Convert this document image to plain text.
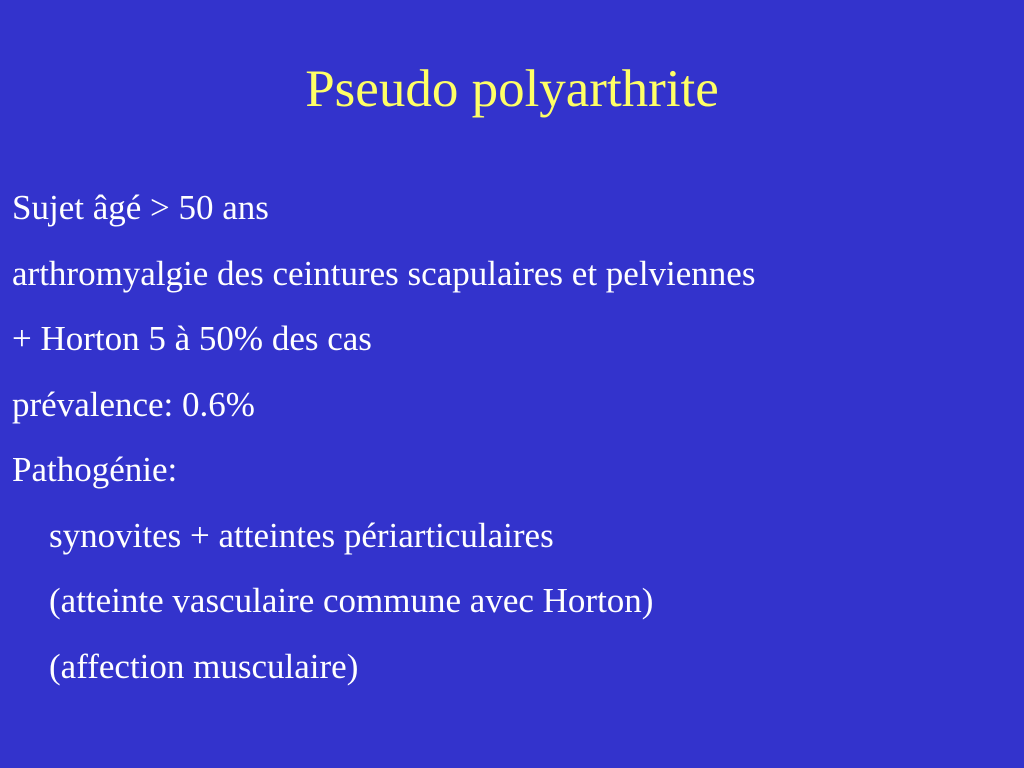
Pseudo polyarthrite
Sujet âgé > 50 ans
arthromyalgie des ceintures scapulaires et pelviennes
+ Horton 5 à 50% des cas
prévalence: 0.6%
Pathogénie:
synovites + atteintes périarticulaires
(atteinte vasculaire commune avec Horton)
(affection musculaire)
